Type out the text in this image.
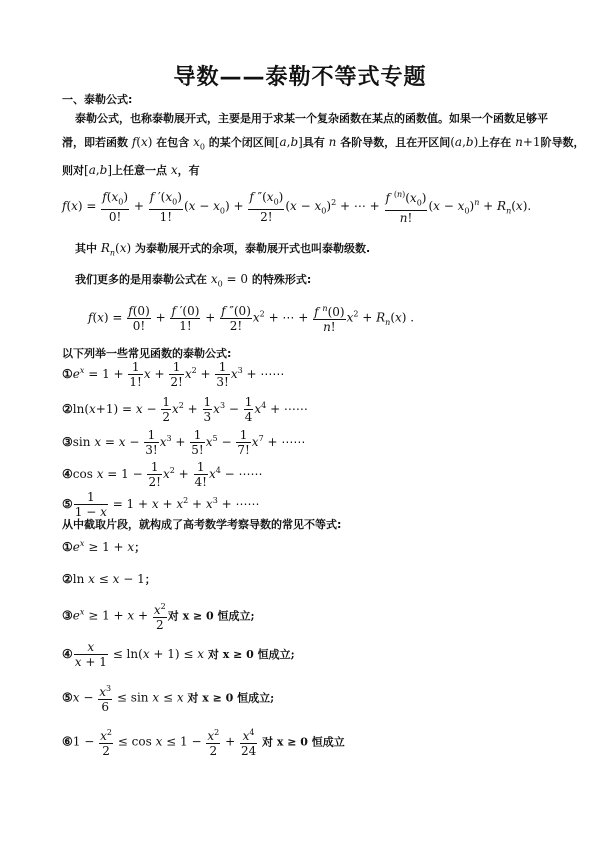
导数——泰勒不等式专题
一、泰勒公式:
泰勒公式，也称泰勒展开式，主要是用于求某一个复杂函数在某点的函数值。如果一个函数足够平
滑，即若函数 f(x) 在包含 $x_0$ 的某个闭区间[a,b]具有 n 各阶导数，且在开区间(a,b)上存在 n+1阶导数，
则对[a,b]上任意一点 x，有
$f(x) = \frac{f(x_0)}{0!} + \frac{f '(x_0)}{1!} (x - x_0) + \frac{f ''(x_0)}{2!} (x - x_0)^2$ + ⋯ + $\frac{f ^{(n)}(x_0)}{n!} (x - x_0)^n + R_n(x)$.
其中 $R_n(x)$ 为泰勒展开式的余项，泰勒展开式也叫泰勒级数.
我们更多的是用泰勒公式在 $x_0 = 0$ 的特殊形式:
$f(x) = \frac{f(0)}{0!} + \frac{f '(0)}{1!} + \frac{f ''(0)}{2!} x^2$ + ⋯ + $\frac{f ^n(0)}{n!} x^2 + R_n(x)$ .
以下列举一些常见函数的泰勒公式:
$①e^x = 1 + \frac{1}{1!}$ $x + \frac{1}{2!} x^2 + \frac{1}{3!} x^3$ + ⋯⋯
②ln(x+1) = $x - \frac{1}{2} x^2 + \frac{1}{3} x^3 - \frac{1}{4} x^4$ + ⋯⋯
③sin $x = x - \frac{1}{3!} x^3 + \frac{1}{5!} x^5 - \frac{1}{7!} x^7$ + ⋯⋯
④cos $x = 1 - \frac{1}{2!} x^2 + \frac{1}{4!} x^4$ − ⋯⋯
⑤ $\frac{1}{1 - x} = 1 + x + x^2 + x^3$ + ⋯⋯
从中截取片段，就构成了高考数学考察导数的常见不等式:
$①e^x \ge 1 + x$；
②ln x ≤ x − 1；
$③e^x \ge 1 + x + \frac{x^2}{2}$ 对 x ≥ 0 恒成立;
④ $\frac{x}{x + 1} \le \ln(x + 1) \le x$ 对 x ≥ 0 恒成立;
⑤x − $\frac{x^3}{6} \le \sin x \le x$ 对 x ≥ 0 恒成立;
⑥1 − $\frac{x^2}{2} \le \cos x \le 1 - \frac{x^2}{2} + \frac{x^4}{24}$ 对 x ≥ 0 恒成立
